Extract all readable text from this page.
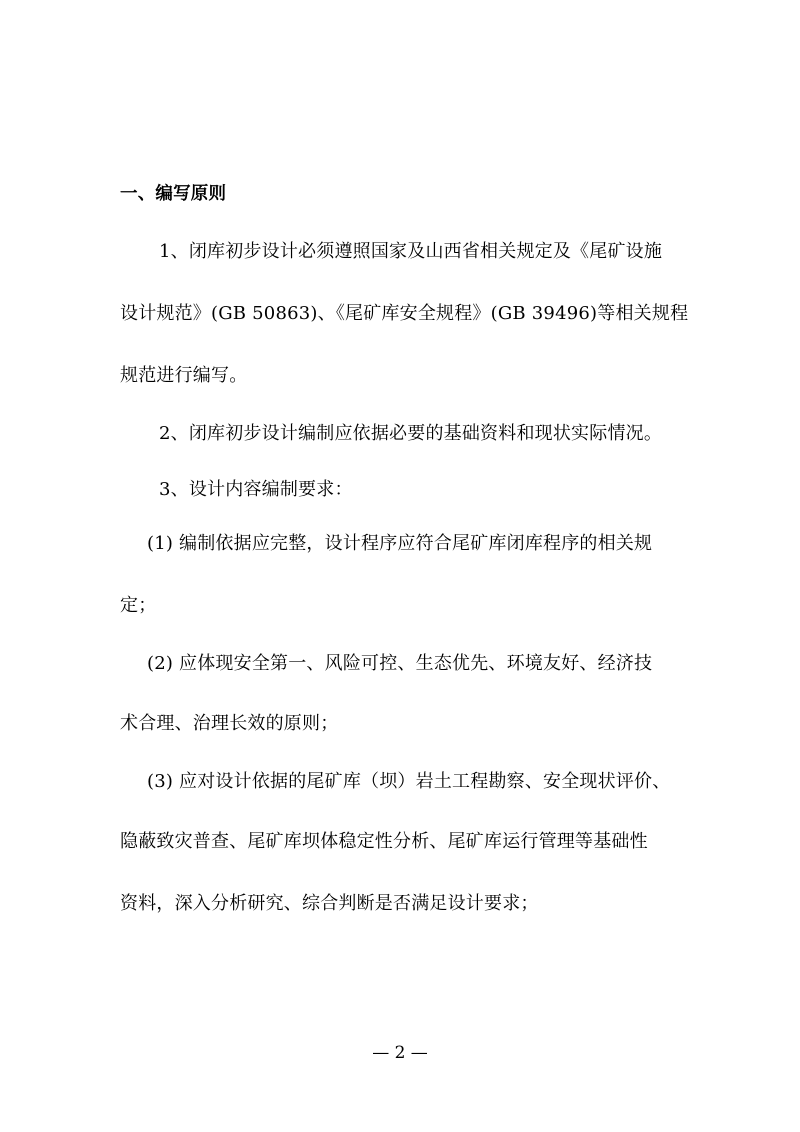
一、编写原则
1、闭库初步设计必须遵照国家及山西省相关规定及《尾矿设施
设计规范》(GB 50863)、《尾矿库安全规程》(GB 39496)等相关规程
规范进行编写。
2、闭库初步设计编制应依据必要的基础资料和现状实际情况。
3、设计内容编制要求：
(1) 编制依据应完整，设计程序应符合尾矿库闭库程序的相关规
定；
(2) 应体现安全第一、风险可控、生态优先、环境友好、经济技
术合理、治理长效的原则；
(3) 应对设计依据的尾矿库（坝）岩土工程勘察、安全现状评价、
隐蔽致灾普查、尾矿库坝体稳定性分析、尾矿库运行管理等基础性
资料，深入分析研究、综合判断是否满足设计要求；
— 2 —
